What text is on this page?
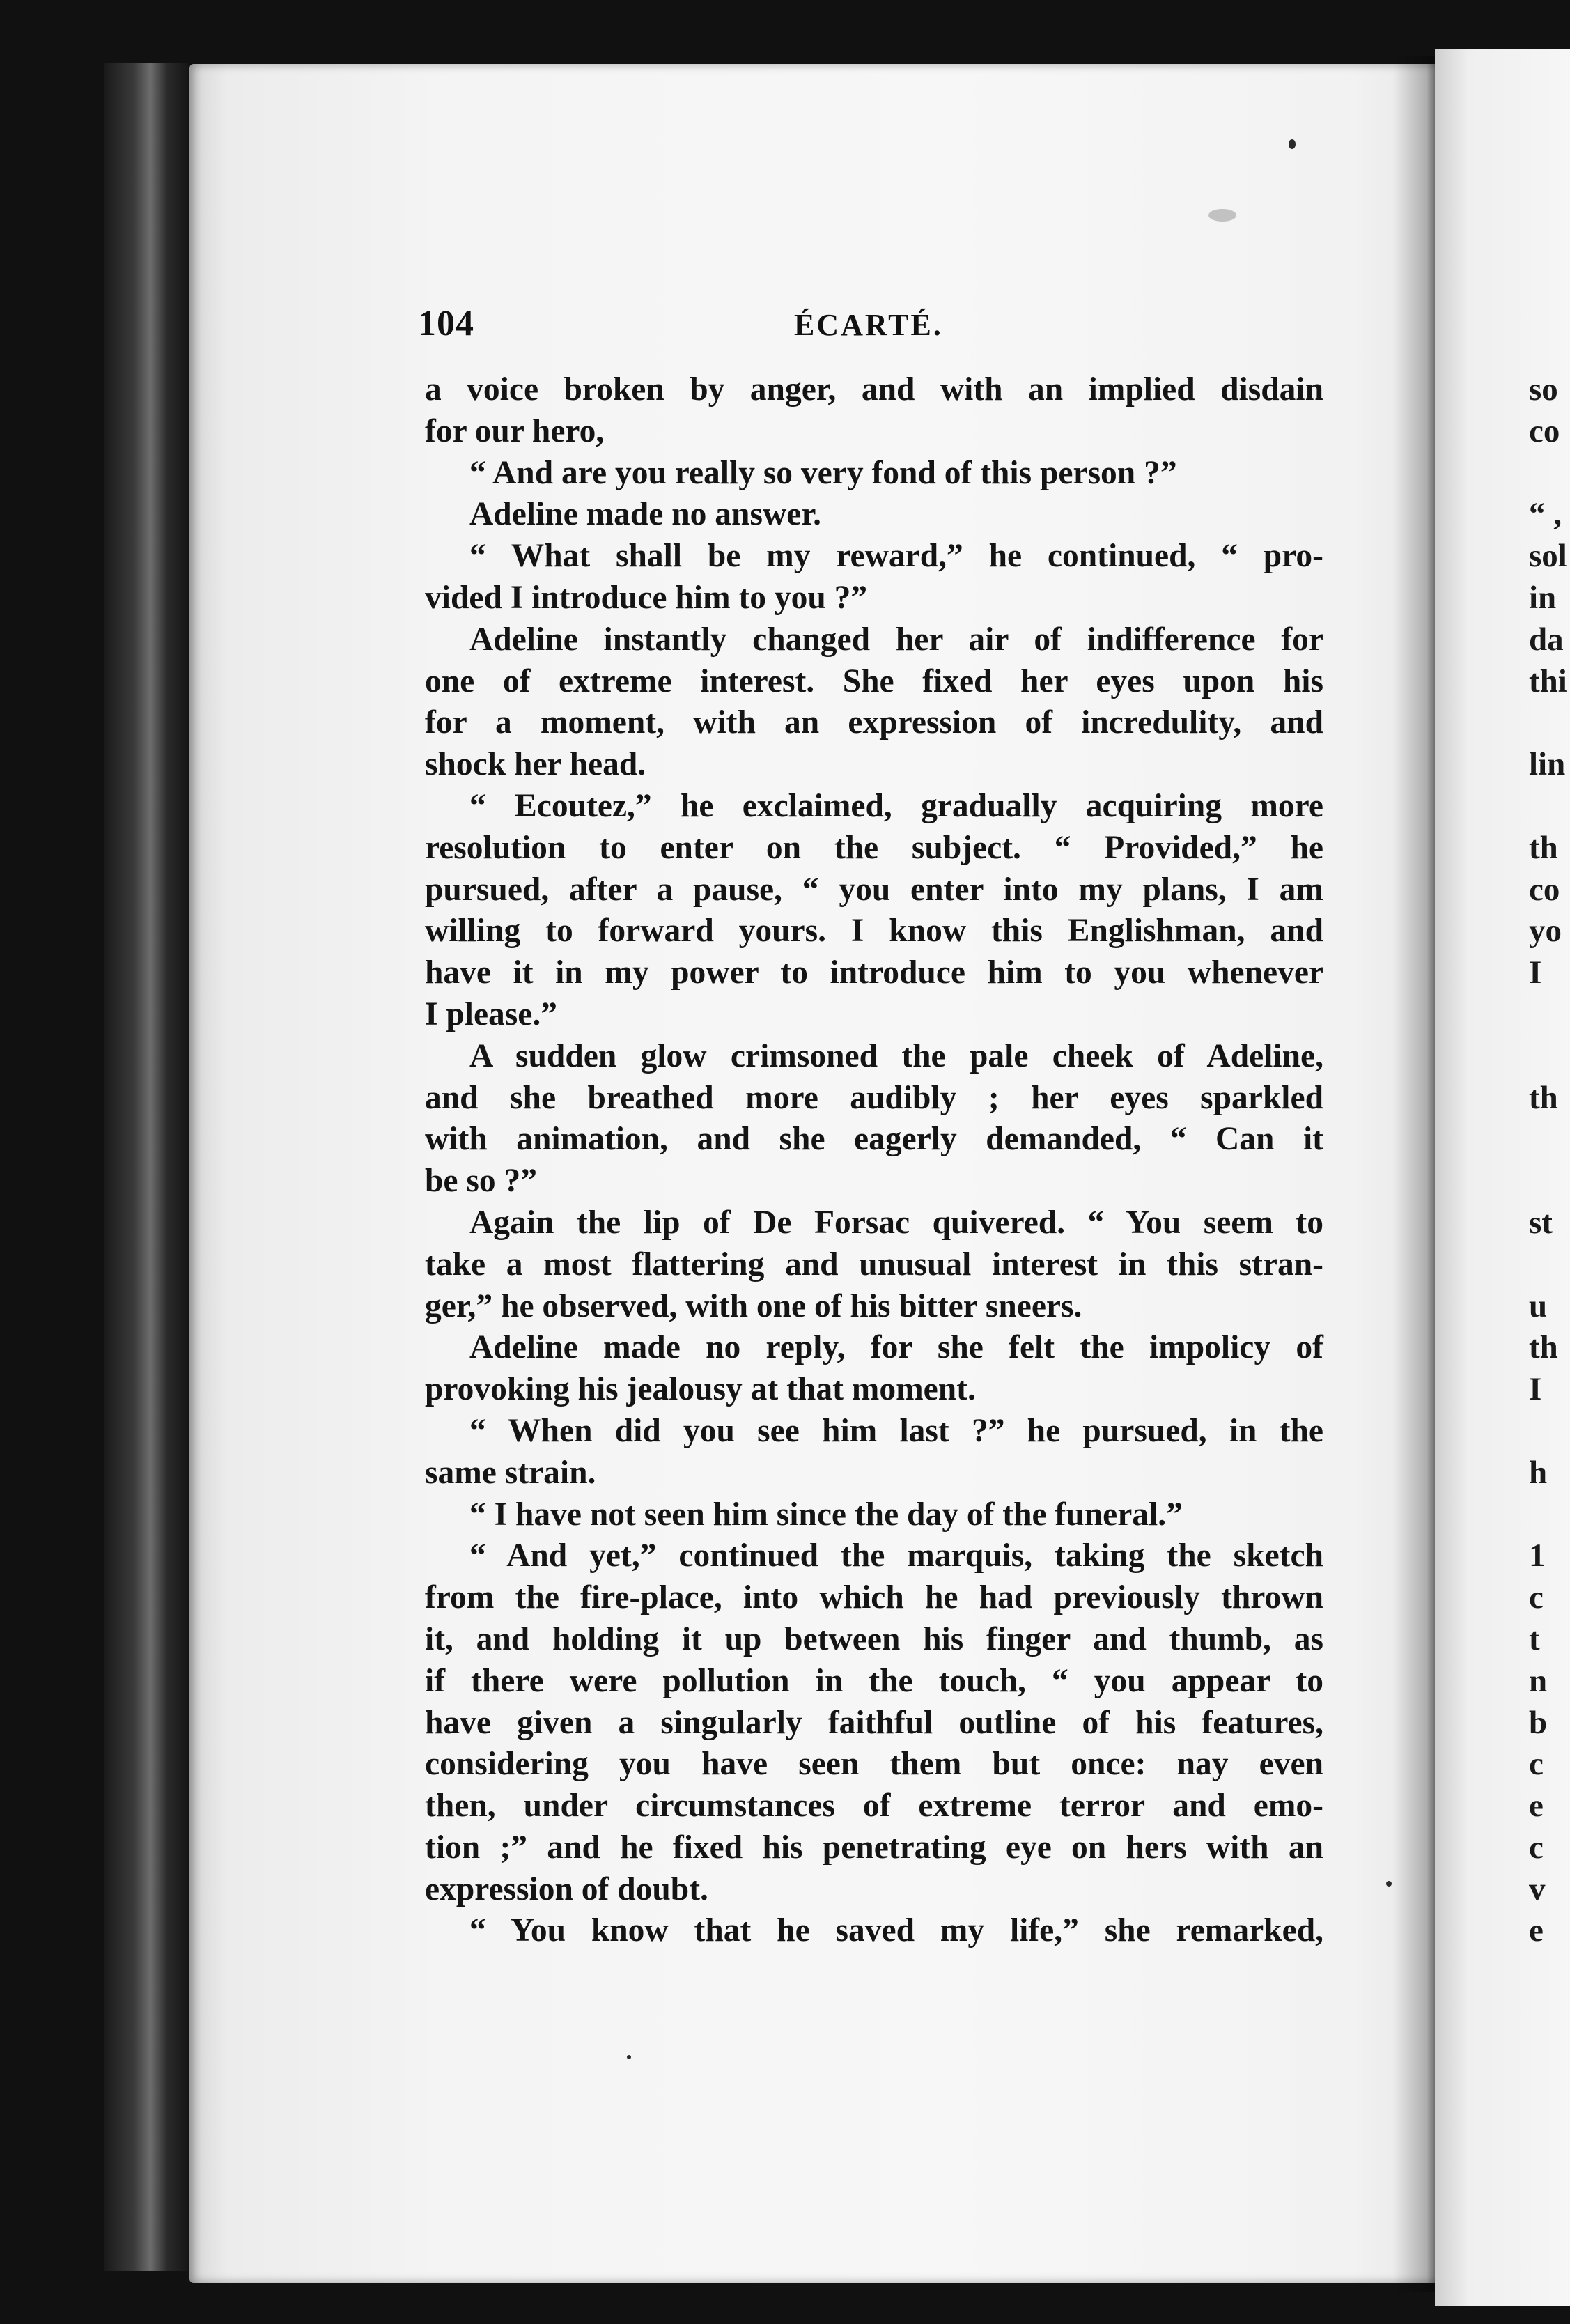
104	ÉCARTÉ.
a voice broken by anger, and with an implied disdain
for our hero,
“ And are you really so very fond of this person ?”
Adeline made no answer.
“ What shall be my reward,” he continued, “ pro-
vided I introduce him to you ?”
Adeline instantly changed her air of indifference for
one of extreme interest. She fixed her eyes upon his
for a moment, with an expression of incredulity, and
shock her head.
“ Ecoutez,” he exclaimed, gradually acquiring more
resolution to enter on the subject. “ Provided,” he
pursued, after a pause, “ you enter into my plans, I am
willing to forward yours. I know this Englishman, and
have it in my power to introduce him to you whenever
I please.”
A sudden glow crimsoned the pale cheek of Adeline,
and she breathed more audibly ; her eyes sparkled
with animation, and she eagerly demanded, “ Can it
be so ?”
Again the lip of De Forsac quivered. “ You seem to
take a most flattering and unusual interest in this stran-
ger,” he observed, with one of his bitter sneers.
Adeline made no reply, for she felt the impolicy of
provoking his jealousy at that moment.
“ When did you see him last ?” he pursued, in the
same strain.
“ I have not seen him since the day of the funeral.”
“ And yet,” continued the marquis, taking the sketch
from the fire-place, into which he had previously thrown
it, and holding it up between his finger and thumb, as
if there were pollution in the touch, “ you appear to
have given a singularly faithful outline of his features,
considering you have seen them but once: nay even
then, under circumstances of extreme terror and emo-
tion ;” and he fixed his penetrating eye on hers with an
expression of doubt.
“ You know that he saved my life,” she remarked,
so
co
“ ,
sol
in
da
thi
lin
th
co
yo
I
th
st
u
th
I
h
1
c
t
n
b
c
e
c
v
e
